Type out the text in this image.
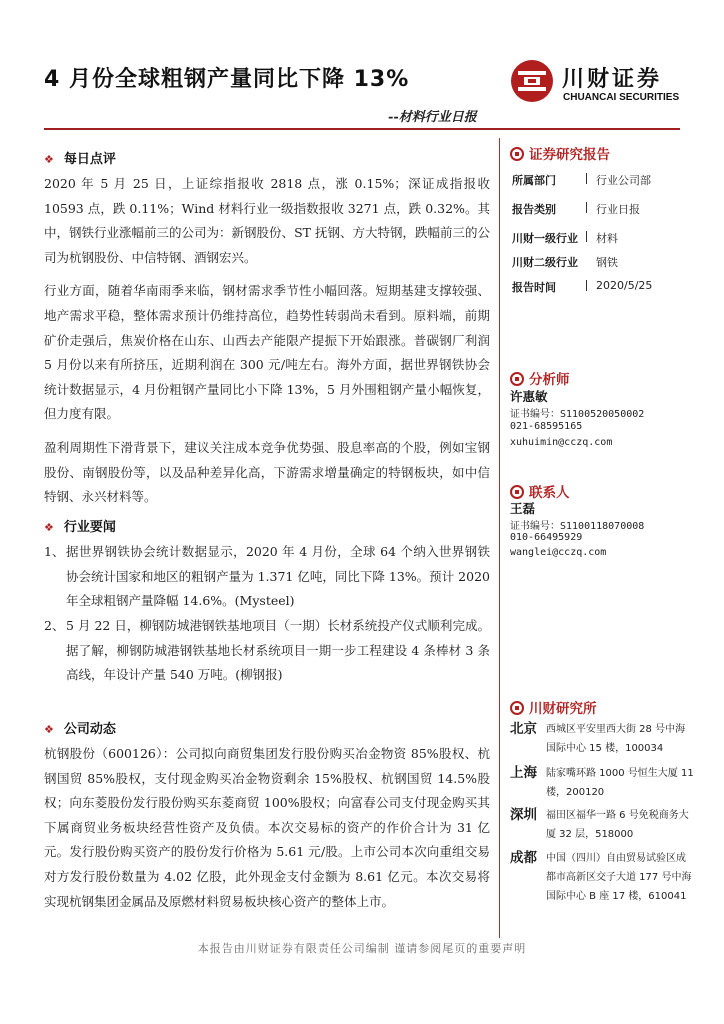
4 月份全球粗钢产量同比下降 13%	川财证券
CHUANCAI SECURITIES
--材料行业日报
❖ 每日点评

2020 年 5 月 25 日，上证综指报收 2818 点，涨 0.15%；深证成指报收 10593 点，跌 0.11%；Wind 材料行业一级指数报收 3271 点，跌 0.32%。其中，钢铁行业涨幅前三的公司为：新钢股份、ST 抚钢、方大特钢，跌幅前三的公司为杭钢股份、中信特钢、酒钢宏兴。

行业方面，随着华南雨季来临，钢材需求季节性小幅回落。短期基建支撑较强、地产需求平稳，整体需求预计仍维持高位，趋势性转弱尚未看到。原料端，前期矿价走强后，焦炭价格在山东、山西去产能限产提振下开始跟涨。普碳钢厂利润 5 月份以来有所挤压，近期利润在 300 元/吨左右。海外方面，据世界钢铁协会统计数据显示，4 月份粗钢产量同比小下降 13%，5 月外围粗钢产量小幅恢复，但力度有限。

盈利周期性下滑背景下，建议关注成本竞争优势强、股息率高的个股，例如宝钢股份、南钢股份等，以及品种差异化高，下游需求增量确定的特钢板块，如中信特钢、永兴材料等。

❖ 行业要闻
1、 据世界钢铁协会统计数据显示，2020 年 4 月份，全球 64 个纳入世界钢铁协会统计国家和地区的粗钢产量为 1.371 亿吨，同比下降 13%。预计 2020 年全球粗钢产量降幅 14.6%。(Mysteel)
2、 5 月 22 日，柳钢防城港钢铁基地项目（一期）长材系统投产仪式顺利完成。据了解，柳钢防城港钢铁基地长材系统项目一期一步工程建设 4 条棒材 3 条高线，年设计产量 540 万吨。(柳钢报)
❖ 公司动态
杭钢股份（600126）：公司拟向商贸集团发行股份购买冶金物资 85%股权、杭钢国贸 85%股权，支付现金购买冶金物资剩余 15%股权、杭钢国贸 14.5%股权；向东菱股份发行股份购买东菱商贸 100%股权；向富春公司支付现金购买其下属商贸业务板块经营性资产及负债。本次交易标的资产的作价合计为 31 亿元。发行股份购买资产的股份发行价格为 5.61 元/股。上市公司本次向重组交易对方发行股份数量为 4.02 亿股，此外现金支付金额为 8.61 亿元。本次交易将实现杭钢集团金属品及原燃材料贸易板块核心资产的整体上市。
证券研究报告
所属部门	行业公司部
报告类别	行业日报
川财一级行业	材料
川财二级行业	钢铁
报告时间	2020/5/25
分析师
许惠敏
证书编号：S1100520050002
021-68595165
xuhuimin@cczq.com
联系人
王磊
证书编号：S1100118070008
010-66495929
wanglei@cczq.com
川财研究所
北京 西城区平安里西大街 28 号中海国际中心 15 楼，100034
上海 陆家嘴环路 1000 号恒生大厦 11 楼，200120
深圳 福田区福华一路 6 号免税商务大厦 32 层，518000
成都 中国（四川）自由贸易试验区成都市高新区交子大道 177 号中海国际中心 B 座 17 楼，610041
本报告由川财证券有限责任公司编制 谨请参阅尾页的重要声明
